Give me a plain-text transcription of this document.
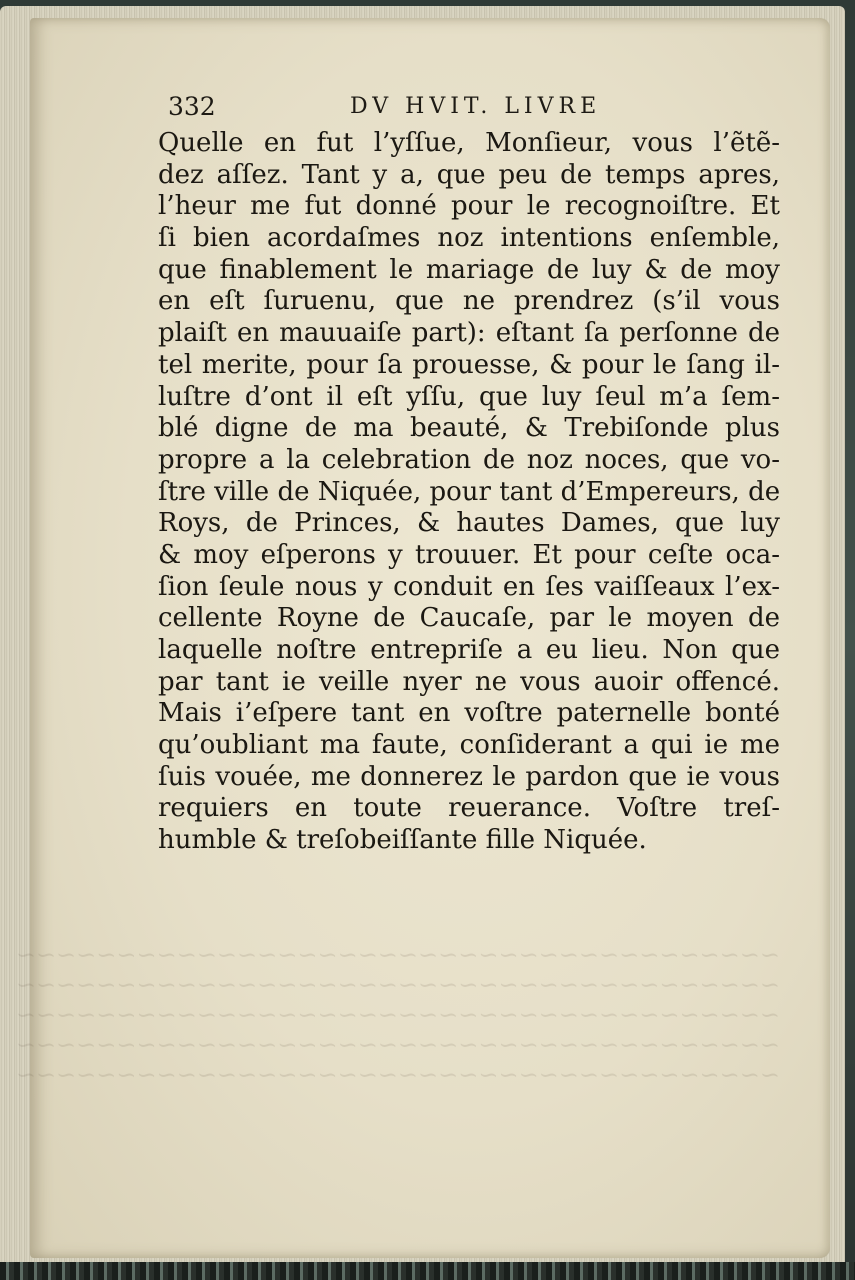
332	DV HVIT. LIVRE
Quelle en fut l’yſſue, Monſieur, vous l’ẽtẽ-
dez aſſez. Tant y a, que peu de temps apres,
l’heur me fut donné pour le recognoiſtre. Et
ſi bien acordaſmes noz intentions enſemble,
que finablement le mariage de luy & de moy
en eſt ſuruenu, que ne prendrez (s’il vous
plaiſt en mauuaiſe part): eſtant ſa perſonne de
tel merite, pour ſa prouesse, & pour le ſang il-
luſtre d’ont il eſt yſſu, que luy ſeul m’a ſem-
blé digne de ma beauté, & Trebiſonde plus
propre a la celebration de noz noces, que vo-
ſtre ville de Niquée, pour tant d’Empereurs, de
Roys, de Princes, & hautes Dames, que luy
& moy eſperons y trouuer. Et pour ceſte oca-
ſion ſeule nous y conduit en ſes vaiſſeaux l’ex-
cellente Royne de Caucaſe, par le moyen de
laquelle noſtre entrepriſe a eu lieu. Non que
par tant ie veille nyer ne vous auoir offencé.
Mais i’eſpere tant en voſtre paternelle bonté
qu’oubliant ma faute, conſiderant a qui ie me
ſuis vouée, me donnerez le pardon que ie vous
requiers en toute reuerance. Voſtre treſ-
humble & treſobeiſſante fille Niquée.
~~~~~~~~~~~~~~~~~~~~~~~~~~~~~~~~~~~~~~
~~~~~~~~~~~~~~~~~~~~~~~~~~~~~~~~~~~~~~
~~~~~~~~~~~~~~~~~~~~~~~~~~~~~~~~~~~~~~
~~~~~~~~~~~~~~~~~~~~~~~~~~~~~~~~~~~~~~
~~~~~~~~~~~~~~~~~~~~~~~~~~~~~~~~~~~~~~
